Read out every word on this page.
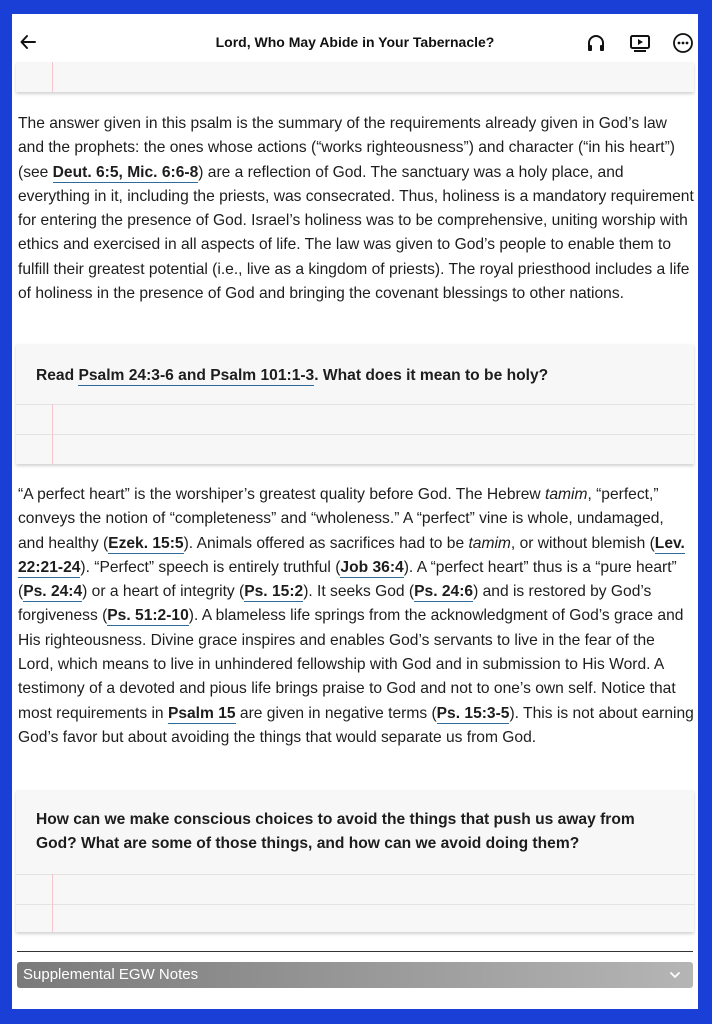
Lord, Who May Abide in Your Tabernacle?
The answer given in this psalm is the summary of the requirements already given in God’s law and the prophets: the ones whose actions (“works righteousness”) and character (“in his heart”) (see Deut. 6:5, Mic. 6:6-8) are a reflection of God. The sanctuary was a holy place, and everything in it, including the priests, was consecrated. Thus, holiness is a mandatory requirement for entering the presence of God. Israel’s holiness was to be comprehensive, uniting worship with ethics and exercised in all aspects of life. The law was given to God’s people to enable them to fulfill their greatest potential (i.e., live as a kingdom of priests). The royal priesthood includes a life of holiness in the presence of God and bringing the covenant blessings to other nations.
Read Psalm 24:3-6 and Psalm 101:1-3. What does it mean to be holy?
“A perfect heart” is the worshiper’s greatest quality before God. The Hebrew tamim, “perfect,” conveys the notion of “completeness” and “wholeness.” A “perfect” vine is whole, undamaged, and healthy (Ezek. 15:5). Animals offered as sacrifices had to be tamim, or without blemish (Lev. 22:21-24). “Perfect” speech is entirely truthful (Job 36:4). A “perfect heart” thus is a “pure heart” (Ps. 24:4) or a heart of integrity (Ps. 15:2). It seeks God (Ps. 24:6) and is restored by God’s forgiveness (Ps. 51:2-10). A blameless life springs from the acknowledgment of God’s grace and His righteousness. Divine grace inspires and enables God’s servants to live in the fear of the Lord, which means to live in unhindered fellowship with God and in submission to His Word. A testimony of a devoted and pious life brings praise to God and not to one’s own self. Notice that most requirements in Psalm 15 are given in negative terms (Ps. 15:3-5). This is not about earning God’s favor but about avoiding the things that would separate us from God.
How can we make conscious choices to avoid the things that push us away from God? What are some of those things, and how can we avoid doing them?
Supplemental EGW Notes
